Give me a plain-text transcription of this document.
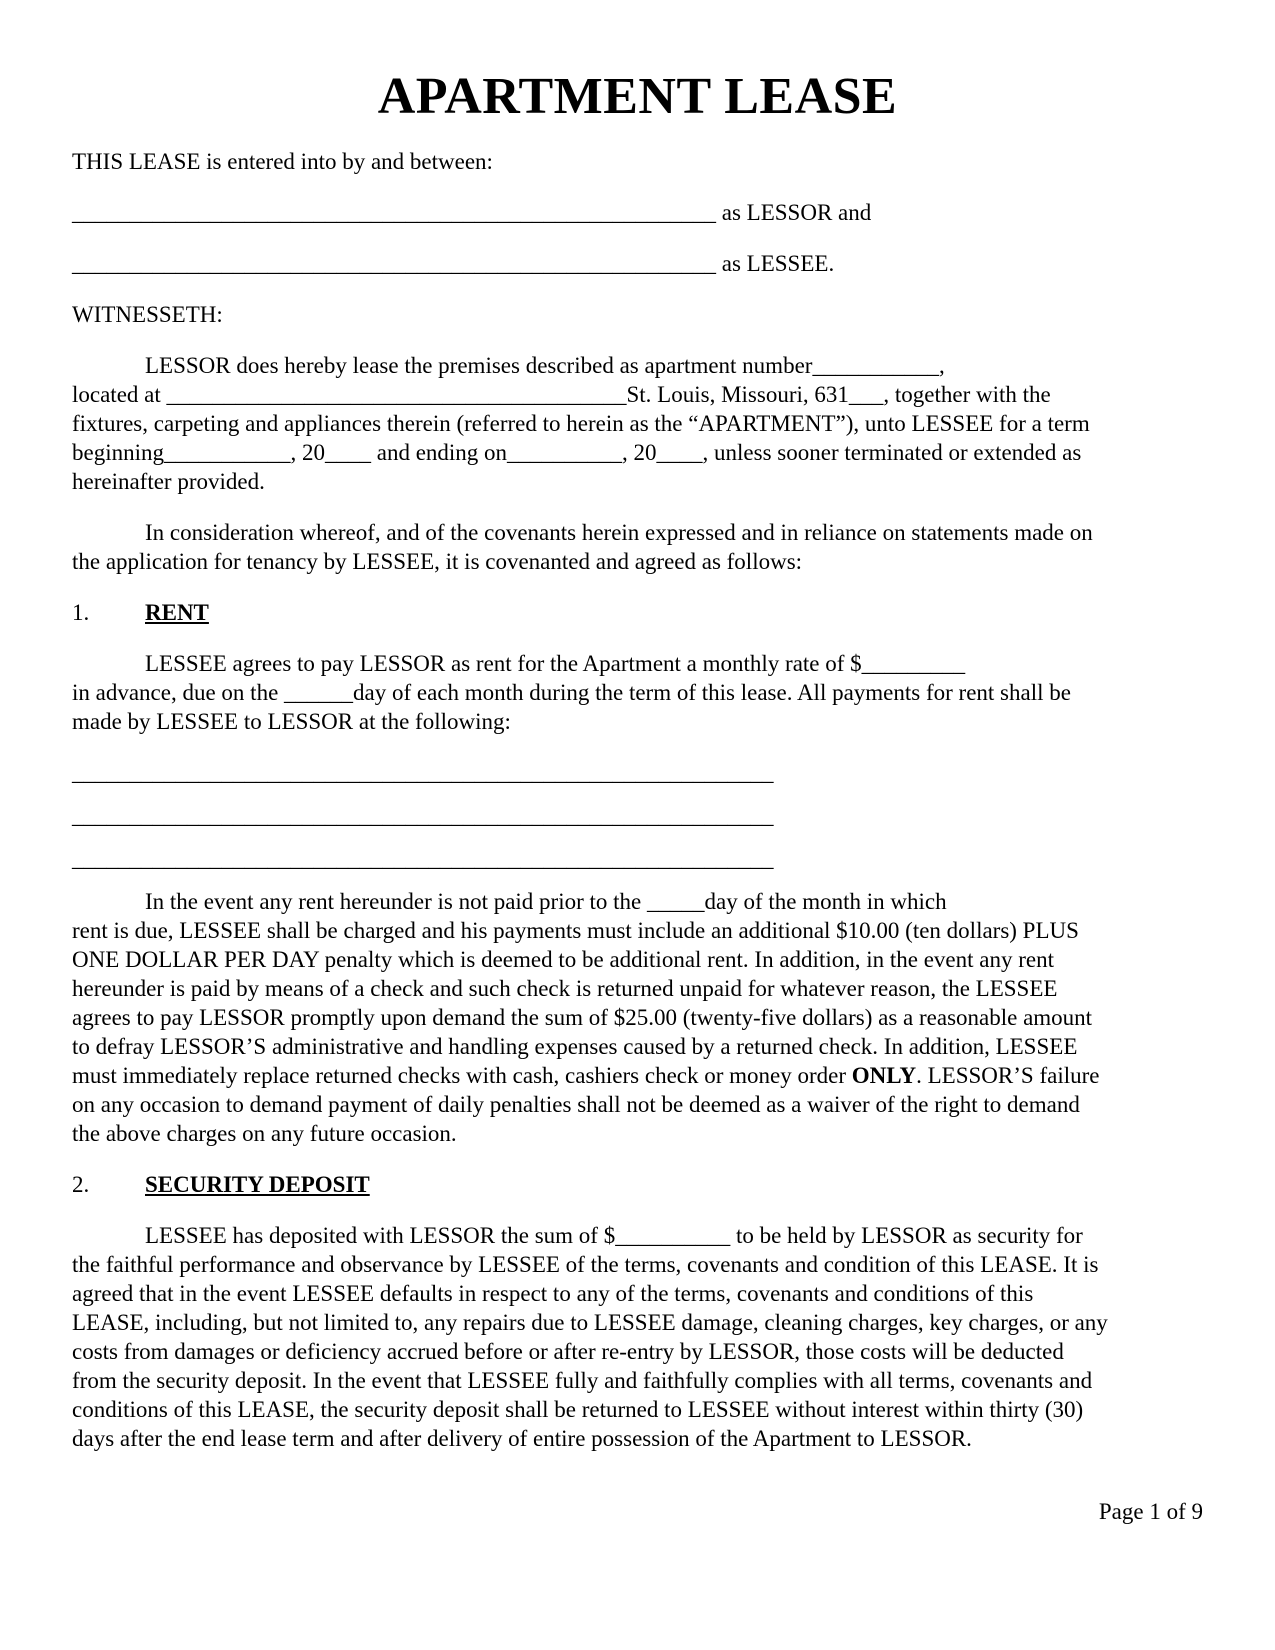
APARTMENT LEASE

THIS LEASE is entered into by and between:

________________________________________________________ as LESSOR and

________________________________________________________ as LESSEE.

WITNESSETH:

LESSOR does hereby lease the premises described as apartment number___________,
located at ________________________________________St. Louis, Missouri, 631___, together with the
fixtures, carpeting and appliances therein (referred to herein as the “APARTMENT”), unto LESSEE for a term
beginning___________, 20____ and ending on__________, 20____, unless sooner terminated or extended as
hereinafter provided.
In consideration whereof, and of the covenants herein expressed and in reliance on statements made on
the application for tenancy by LESSEE, it is covenanted and agreed as follows:

1. RENT

LESSEE agrees to pay LESSOR as rent for the Apartment a monthly rate of $_________
in advance, due on the ______day of each month during the term of this lease. All payments for rent shall be
made by LESSEE to LESSOR at the following:

_____________________________________________________________

_____________________________________________________________

_____________________________________________________________

In the event any rent hereunder is not paid prior to the _____day of the month in which
rent is due, LESSEE shall be charged and his payments must include an additional $10.00 (ten dollars) PLUS
ONE DOLLAR PER DAY penalty which is deemed to be additional rent. In addition, in the event any rent
hereunder is paid by means of a check and such check is returned unpaid for whatever reason, the LESSEE
agrees to pay LESSOR promptly upon demand the sum of $25.00 (twenty-five dollars) as a reasonable amount
to defray LESSOR’S administrative and handling expenses caused by a returned check. In addition, LESSEE
must immediately replace returned checks with cash, cashiers check or money order ONLY. LESSOR’S failure
on any occasion to demand payment of daily penalties shall not be deemed as a waiver of the right to demand
the above charges on any future occasion.

2. SECURITY DEPOSIT

LESSEE has deposited with LESSOR the sum of $__________ to be held by LESSOR as security for
the faithful performance and observance by LESSEE of the terms, covenants and condition of this LEASE. It is
agreed that in the event LESSEE defaults in respect to any of the terms, covenants and conditions of this
LEASE, including, but not limited to, any repairs due to LESSEE damage, cleaning charges, key charges, or any
costs from damages or deficiency accrued before or after re-entry by LESSOR, those costs will be deducted
from the security deposit. In the event that LESSEE fully and faithfully complies with all terms, covenants and
conditions of this LEASE, the security deposit shall be returned to LESSEE without interest within thirty (30)
days after the end lease term and after delivery of entire possession of the Apartment to LESSOR.
Page 1 of 9
